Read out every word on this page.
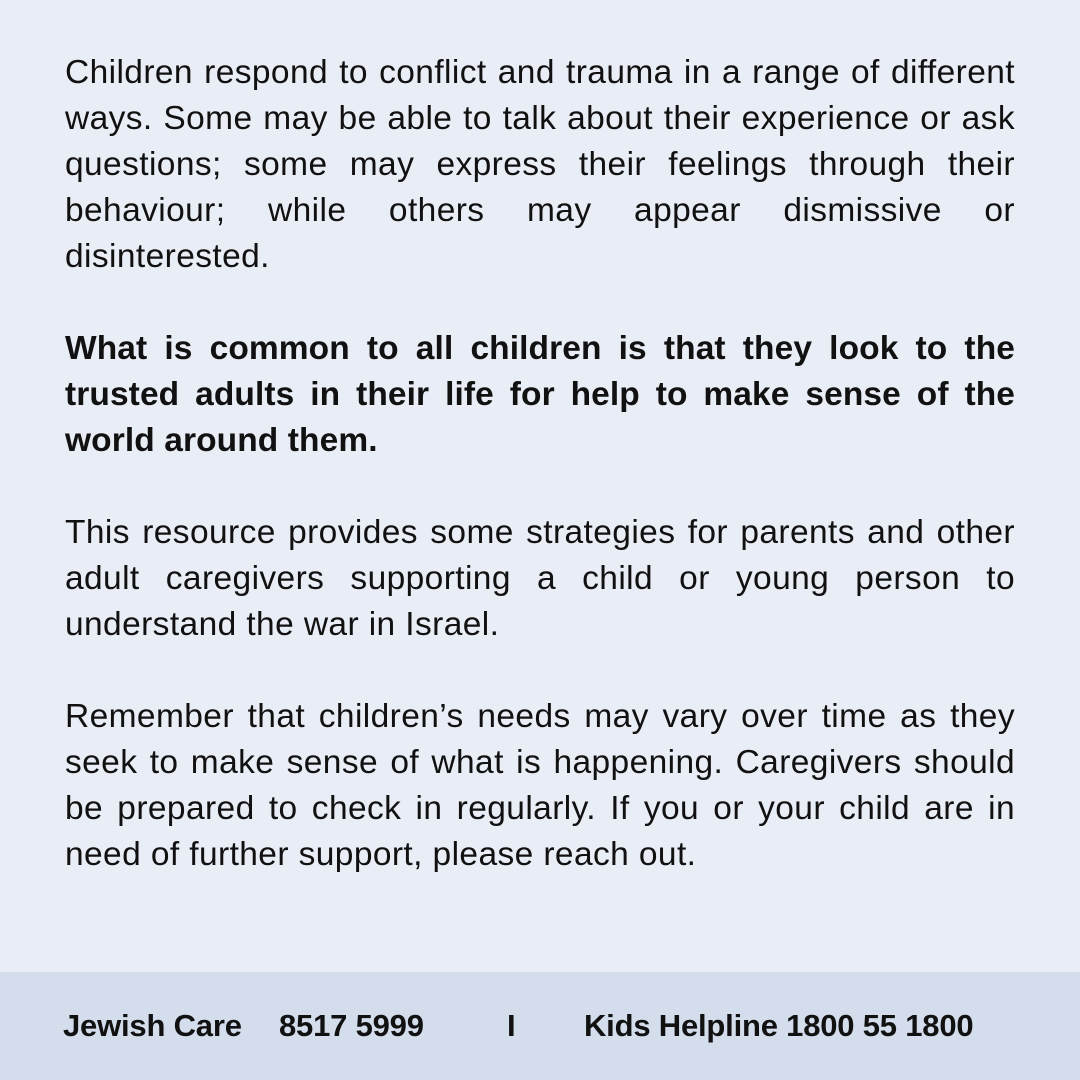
Children respond to conflict and trauma in a range of different ways. Some may be able to talk about their experience or ask questions; some may express their feelings through their behaviour; while others may appear dismissive or disinterested.

What is common to all children is that they look to the trusted adults in their life for help to make sense of the world around them.

This resource provides some strategies for parents and other adult caregivers supporting a child or young person to understand the war in Israel.

Remember that children’s needs may vary over time as they seek to make sense of what is happening. Caregivers should be prepared to check in regularly. If you or your child are in need of further support, please reach out.

Jewish Care 8517 5999	I Kids Helpline 1800 55 1800
